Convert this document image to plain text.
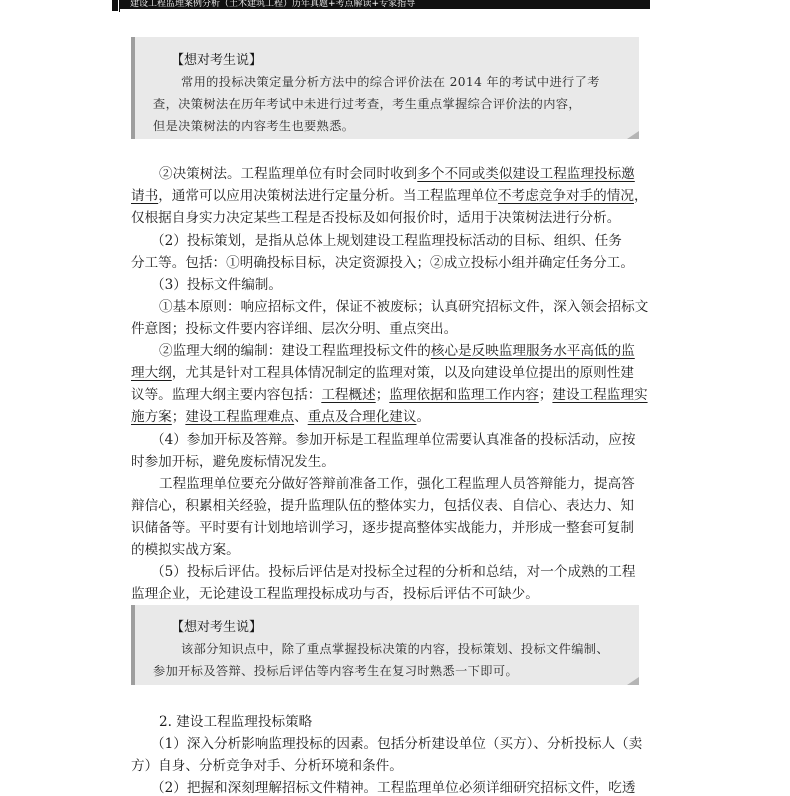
建设工程监理案例分析（土木建筑工程）历年真题+考点解读+专家指导
【想对考生说】
常用的投标决策定量分析方法中的综合评价法在 2014 年的考试中进行了考
查，决策树法在历年考试中未进行过考查，考生重点掌握综合评价法的内容，
但是决策树法的内容考生也要熟悉。
②决策树法。工程监理单位有时会同时收到多个不同或类似建设工程监理投标邀
请书，通常可以应用决策树法进行定量分析。当工程监理单位不考虑竞争对手的情况，
仅根据自身实力决定某些工程是否投标及如何报价时，适用于决策树法进行分析。
（2）投标策划，是指从总体上规划建设工程监理投标活动的目标、组织、任务
分工等。包括：①明确投标目标，决定资源投入；②成立投标小组并确定任务分工。
（3）投标文件编制。
①基本原则：响应招标文件，保证不被废标；认真研究招标文件，深入领会招标文
件意图；投标文件要内容详细、层次分明、重点突出。
②监理大纲的编制：建设工程监理投标文件的核心是反映监理服务水平高低的监
理大纲，尤其是针对工程具体情况制定的监理对策，以及向建设单位提出的原则性建
议等。监理大纲主要内容包括：工程概述；监理依据和监理工作内容；建设工程监理实
施方案；建设工程监理难点、重点及合理化建议。
（4）参加开标及答辩。参加开标是工程监理单位需要认真准备的投标活动，应按
时参加开标，避免废标情况发生。
工程监理单位要充分做好答辩前准备工作，强化工程监理人员答辩能力，提高答
辩信心，积累相关经验，提升监理队伍的整体实力，包括仪表、自信心、表达力、知
识储备等。平时要有计划地培训学习，逐步提高整体实战能力，并形成一整套可复制
的模拟实战方案。
（5）投标后评估。投标后评估是对投标全过程的分析和总结，对一个成熟的工程
监理企业，无论建设工程监理投标成功与否，投标后评估不可缺少。
【想对考生说】
该部分知识点中，除了重点掌握投标决策的内容，投标策划、投标文件编制、
参加开标及答辩、投标后评估等内容考生在复习时熟悉一下即可。
2. 建设工程监理投标策略
（1）深入分析影响监理投标的因素。包括分析建设单位（买方）、分析投标人（卖
方）自身、分析竞争对手、分析环境和条件。
（2）把握和深刻理解招标文件精神。工程监理单位必须详细研究招标文件，吃透
